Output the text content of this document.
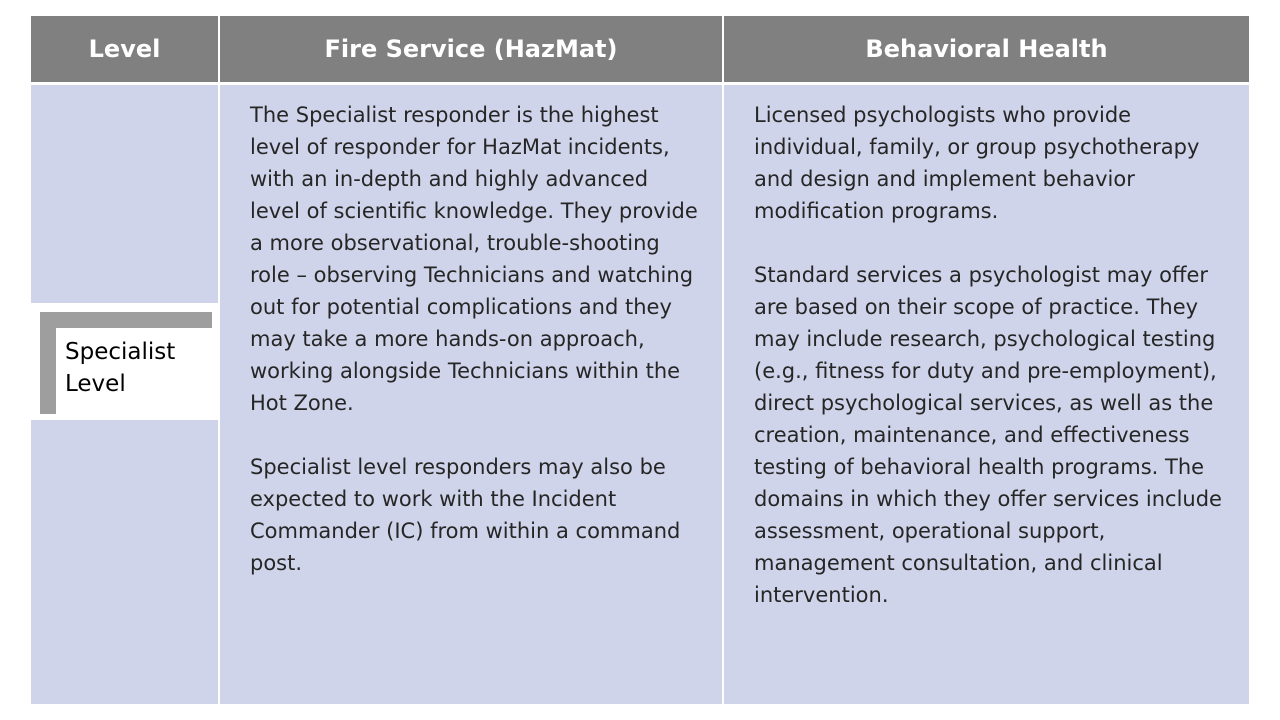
Level	Fire Service (HazMat)	Behavioral Health
Specialist Level

The Specialist responder is the highest level of responder for HazMat incidents, with an in-depth and highly advanced level of scientific knowledge. They provide a more observational, trouble-shooting role – observing Technicians and watching out for potential complications and they may take a more hands-on approach, working alongside Technicians within the Hot Zone.

Specialist level responders may also be expected to work with the Incident Commander (IC) from within a command post.

Licensed psychologists who provide individual, family, or group psychotherapy and design and implement behavior modification programs.

Standard services a psychologist may offer are based on their scope of practice. They may include research, psychological testing (e.g., fitness for duty and pre-employment), direct psychological services, as well as the creation, maintenance, and effectiveness testing of behavioral health programs. The domains in which they offer services include assessment, operational support, management consultation, and clinical intervention.
